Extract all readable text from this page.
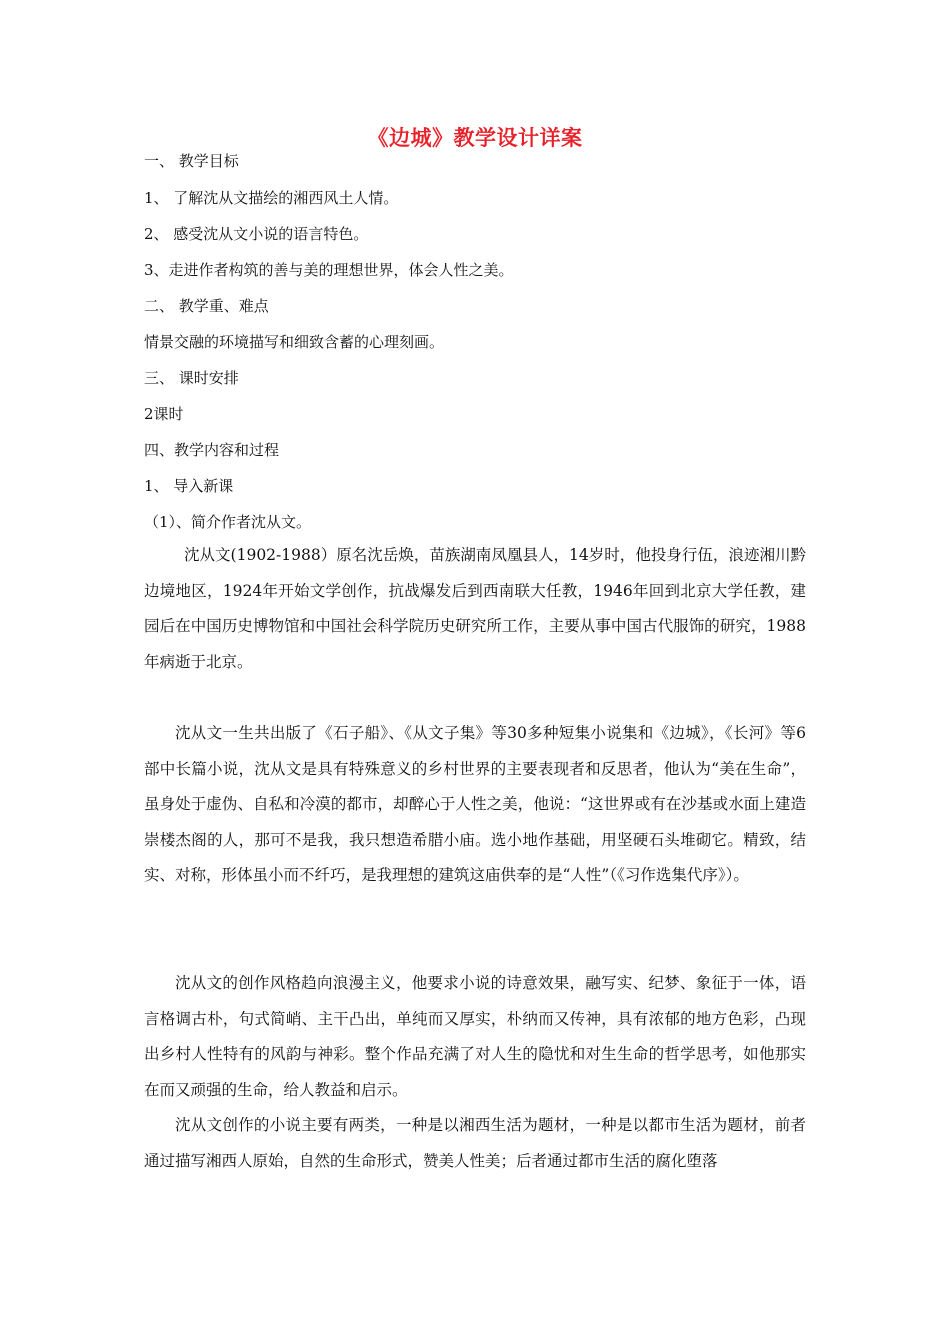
《边城》教学设计详案
一、 教学目标
1、 了解沈从文描绘的湘西风土人情。
2、 感受沈从文小说的语言特色。
3、走进作者构筑的善与美的理想世界，体会人性之美。
二、 教学重、难点
情景交融的环境描写和细致含蓄的心理刻画。
三、 课时安排
2课时
四、教学内容和过程
1、 导入新课
（1）、简介作者沈从文。
沈从文(1902-1988）原名沈岳焕，苗族湖南凤凰县人，14岁时，他投身行伍，浪迹湘川黔边境地区，1924年开始文学创作，抗战爆发后到西南联大任教，1946年回到北京大学任教，建园后在中国历史博物馆和中国社会科学院历史研究所工作，主要从事中国古代服饰的研究，1988年病逝于北京。
沈从文一生共出版了《石子船》、《从文子集》等30多种短集小说集和《边城》，《长河》等6部中长篇小说，沈从文是具有特殊意义的乡村世界的主要表现者和反思者，他认为“美在生命”，虽身处于虚伪、自私和冷漠的都市，却醉心于人性之美，他说：“这世界或有在沙基或水面上建造崇楼杰阁的人，那可不是我，我只想造希腊小庙。选小地作基础，用坚硬石头堆砌它。精致，结实、对称，形体虽小而不纤巧，是我理想的建筑这庙供奉的是“人性”（《习作选集代序》）。
沈从文的创作风格趋向浪漫主义，他要求小说的诗意效果，融写实、纪梦、象征于一体，语言格调古朴，句式简峭、主干凸出，单纯而又厚实，朴纳而又传神，具有浓郁的地方色彩，凸现出乡村人性特有的风韵与神彩。整个作品充满了对人生的隐忧和对生生命的哲学思考，如他那实在而又顽强的生命，给人教益和启示。
沈从文创作的小说主要有两类，一种是以湘西生活为题材，一种是以都市生活为题材，前者通过描写湘西人原始，自然的生命形式，赞美人性美；后者通过都市生活的腐化堕落
